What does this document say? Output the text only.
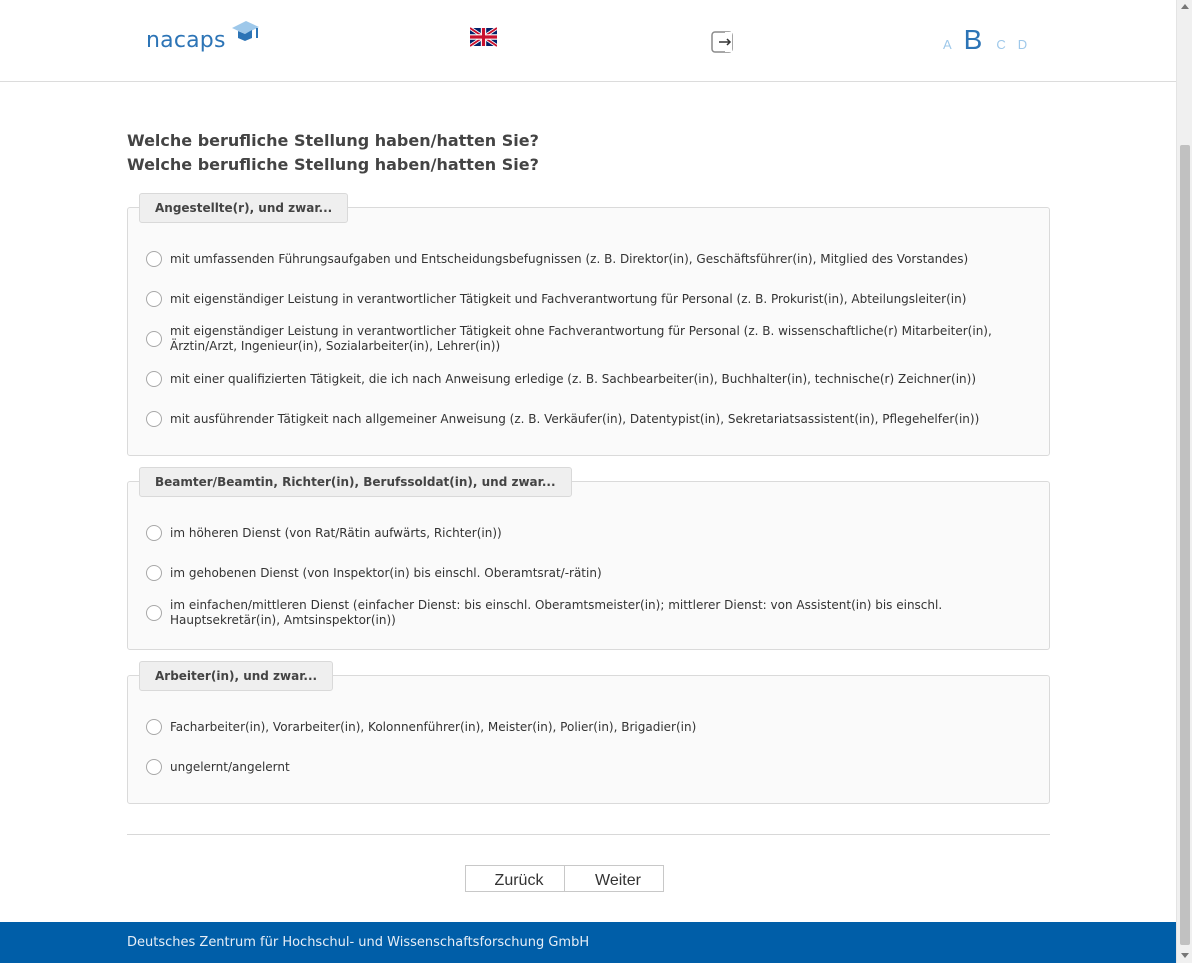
nacaps	A B C D
Welche berufliche Stellung haben/hatten Sie?
Welche berufliche Stellung haben/hatten Sie?
Angestellte(r), und zwar...
mit umfassenden Führungsaufgaben und Entscheidungsbefugnissen (z. B. Direktor(in), Geschäftsführer(in), Mitglied des Vorstandes)
mit eigenständiger Leistung in verantwortlicher Tätigkeit und Fachverantwortung für Personal (z. B. Prokurist(in), Abteilungsleiter(in)
mit eigenständiger Leistung in verantwortlicher Tätigkeit ohne Fachverantwortung für Personal (z. B. wissenschaftliche(r) Mitarbeiter(in), Ärztin/Arzt, Ingenieur(in), Sozialarbeiter(in), Lehrer(in))
mit einer qualifizierten Tätigkeit, die ich nach Anweisung erledige (z. B. Sachbearbeiter(in), Buchhalter(in), technische(r) Zeichner(in))
mit ausführender Tätigkeit nach allgemeiner Anweisung (z. B. Verkäufer(in), Datentypist(in), Sekretariatsassistent(in), Pflegehelfer(in))
Beamter/Beamtin, Richter(in), Berufssoldat(in), und zwar...
im höheren Dienst (von Rat/Rätin aufwärts, Richter(in))
im gehobenen Dienst (von Inspektor(in) bis einschl. Oberamtsrat/-rätin)
im einfachen/mittleren Dienst (einfacher Dienst: bis einschl. Oberamtsmeister(in); mittlerer Dienst: von Assistent(in) bis einschl. Hauptsekretär(in), Amtsinspektor(in))
Arbeiter(in), und zwar...
Facharbeiter(in), Vorarbeiter(in), Kolonnenführer(in), Meister(in), Polier(in), Brigadier(in)
ungelernt/angelernt
Zurück	Weiter
Deutsches Zentrum für Hochschul- und Wissenschaftsforschung GmbH
